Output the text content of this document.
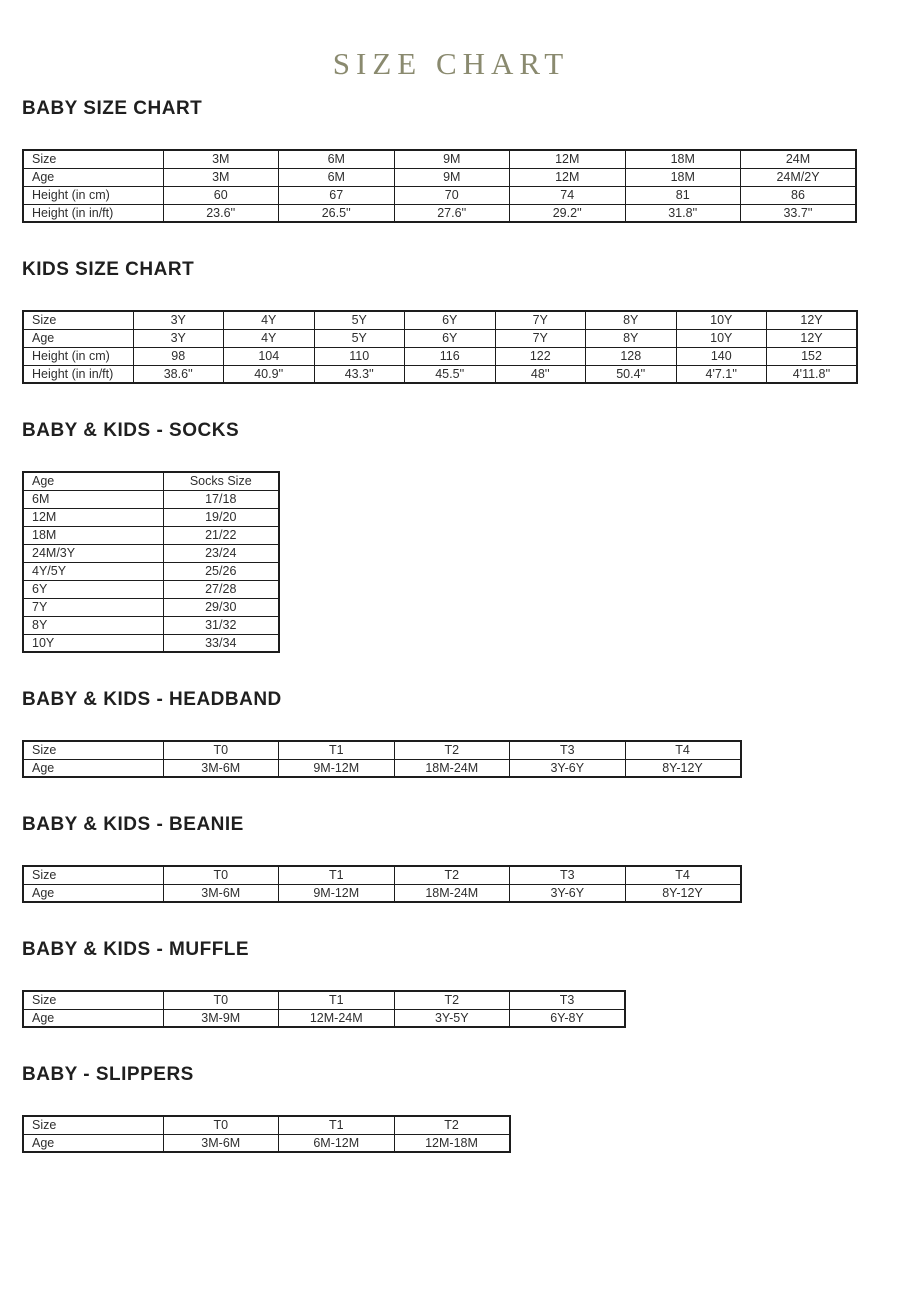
SIZE CHART
BABY SIZE CHART
Size	3M	6M	9M	12M	18M	24M
Age	3M	6M	9M	12M	18M	24M/2Y
Height (in cm)	60	67	70	74	81	86
Height (in in/ft)	23.6''	26.5''	27.6''	29.2''	31.8''	33.7''
KIDS SIZE CHART
Size	3Y	4Y	5Y	6Y	7Y	8Y	10Y	12Y
Age	3Y	4Y	5Y	6Y	7Y	8Y	10Y	12Y
Height (in cm)	98	104	110	116	122	128	140	152
Height (in in/ft)	38.6''	40.9''	43.3''	45.5''	48''	50.4''	4'7.1''	4'11.8''
BABY & KIDS - SOCKS
Age	Socks Size
6M	17/18
12M	19/20
18M	21/22
24M/3Y	23/24
4Y/5Y	25/26
6Y	27/28
7Y	29/30
8Y	31/32
10Y	33/34
BABY & KIDS - HEADBAND
Size	T0	T1	T2	T3	T4
Age	3M-6M	9M-12M	18M-24M	3Y-6Y	8Y-12Y
BABY & KIDS - BEANIE
Size	T0	T1	T2	T3	T4
Age	3M-6M	9M-12M	18M-24M	3Y-6Y	8Y-12Y
BABY & KIDS - MUFFLE
Size	T0	T1	T2	T3
Age	3M-9M	12M-24M	3Y-5Y	6Y-8Y
BABY - SLIPPERS
Size	T0	T1	T2
Age	3M-6M	6M-12M	12M-18M
